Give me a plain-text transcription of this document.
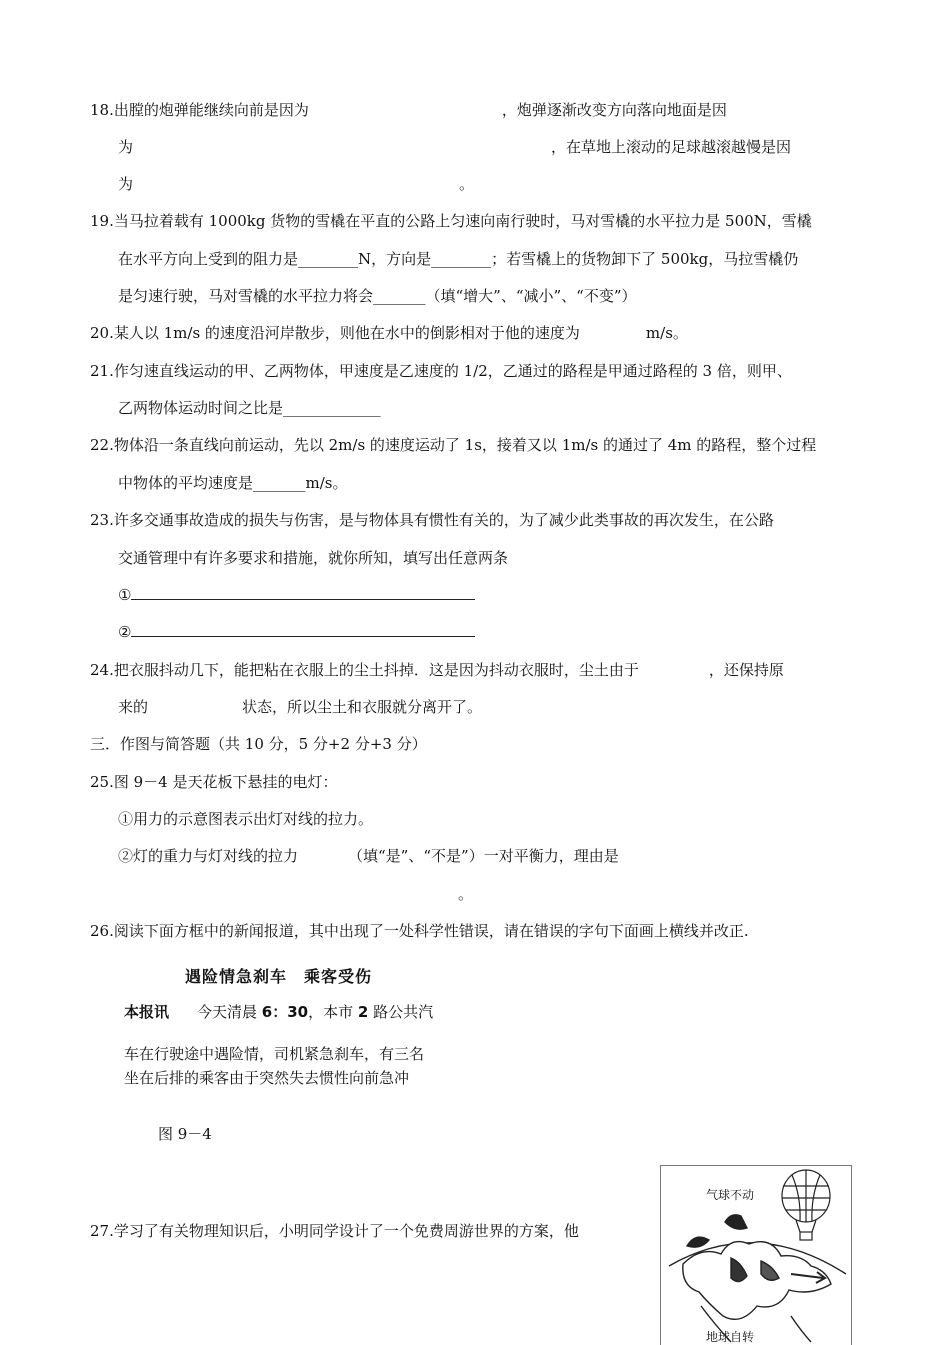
18.出膛的炮弹能继续向前是因为	，炮弹逐渐改变方向落向地面是因
为	，在草地上滚动的足球越滚越慢是因
为	。
19.当马拉着载有 1000kg 货物的雪橇在平直的公路上匀速向南行驶时，马对雪橇的水平拉力是 500N，雪橇
在水平方向上受到的阻力是________N，方向是________；若雪橇上的货物卸下了 500kg，马拉雪橇仍
是匀速行驶，马对雪橇的水平拉力将会_______（填“增大”、“减小”、“不变”）
20.某人以 1m/s 的速度沿河岸散步，则他在水中的倒影相对于他的速度为	m/s。
21.作匀速直线运动的甲、乙两物体，甲速度是乙速度的 1/2，乙通过的路程是甲通过路程的 3 倍，则甲、
乙两物体运动时间之比是_____________
22.物体沿一条直线向前运动，先以 2m/s 的速度运动了 1s，接着又以 1m/s 的通过了 4m 的路程，整个过程
中物体的平均速度是_______m/s。
23.许多交通事故造成的损失与伤害，是与物体具有惯性有关的，为了减少此类事故的再次发生，在公路
交通管理中有许多要求和措施，就你所知，填写出任意两条
①
②
24.把衣服抖动几下，能把粘在衣服上的尘土抖掉．这是因为抖动衣服时，尘土由于	，还保持原
来的	状态，所以尘土和衣服就分离开了。
三．作图与简答题（共 10 分，5 分+2 分+3 分）
25.图 9－4 是天花板下悬挂的电灯：
①用力的示意图表示出灯对线的拉力。
②灯的重力与灯对线的拉力	（填“是”、“不是”）一对平衡力，理由是
。
26.阅读下面方框中的新闻报道，其中出现了一处科学性错误，请在错误的字句下面画上横线并改正.
遇险情急刹车　乘客受伤
本报讯 今天清晨 6：30，本市 2 路公共汽
车在行驶途中遇险情，司机紧急刹车，有三名
坐在后排的乘客由于突然失去惯性向前急冲
图 9－4
27.学习了有关物理知识后，小明同学设计了一个免费周游世界的方案，他
气球不动
地球自转
